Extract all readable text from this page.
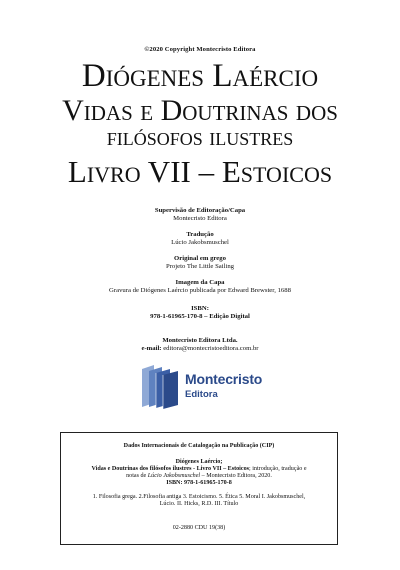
©2020 Copyright Montecristo Editora
Diógenes Laércio
Vidas e Doutrinas dos
filósofos ilustres
Livro VII – Estoicos
Supervisão de Editoração/Capa
Montecristo Editora
Tradução
Lúcio Jakobsmuschel
Original em grego
Projeto The Little Sailing
Imagem da Capa
Gravura de Diógenes Laércio publicada por Edward Brewster, 1688
ISBN:
978-1-61965-170-8 – Edição Digital
Montecristo Editora Ltda.
e-mail: editora@montecristoeditora.com.br
Montecristo
Editora
Dados Internacionais de Catalogação na Publicação (CIP)
Diógenes Laércio;
Vidas e Doutrinas dos filósofos ilustres - Livro VII – Estoicos; introdução, tradução e
notas de Lúcio Jakobsmuschel – Montecristo Editora, 2020.
ISBN: 978-1-61965-170-8
1. Filosofia grega. 2.Filosofia antiga 3. Estoicismo. 5. Ética 5. Moral I. Jakobsmuschel,
Lúcio. II. Hicks, R.D. III. Título
02-2880 CDU 19(38)
